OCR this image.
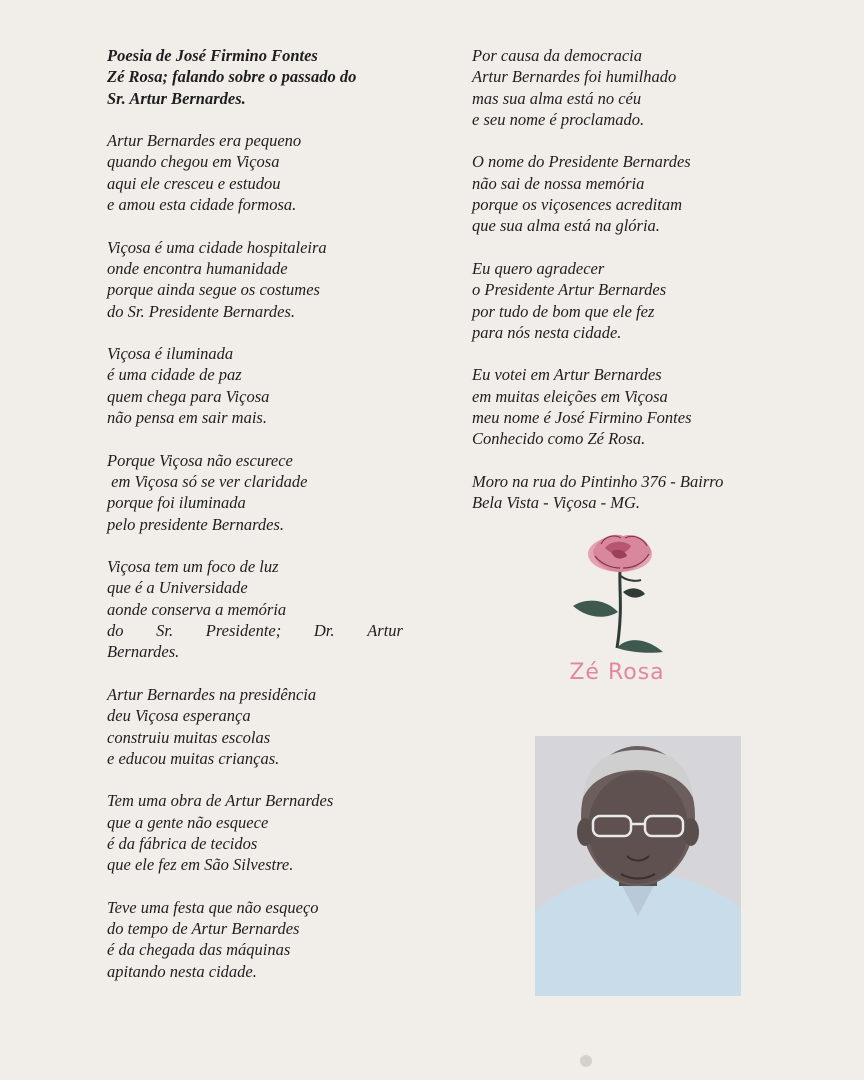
Poesia de José Firmino Fontes
Zé Rosa; falando sobre o passado do
Sr. Artur Bernardes.
Artur Bernardes era pequeno
quando chegou em Viçosa
aqui ele cresceu e estudou
e amou esta cidade formosa.
Viçosa é uma cidade hospitaleira
onde encontra humanidade
porque ainda segue os costumes
do Sr. Presidente Bernardes.
Viçosa é iluminada
é uma cidade de paz
quem chega para Viçosa
não pensa em sair mais.
Porque Viçosa não escurece
em Viçosa só se ver claridade
porque foi iluminada
pelo presidente Bernardes.
Viçosa tem um foco de luz
que é a Universidade
aonde conserva a memória
do Sr. Presidente; Dr. Artur
Bernardes.
Artur Bernardes na presidência
deu Viçosa esperança
construiu muitas escolas
e educou muitas crianças.
Tem uma obra de Artur Bernardes
que a gente não esquece
é da fábrica de tecidos
que ele fez em São Silvestre.
Teve uma festa que não esqueço
do tempo de Artur Bernardes
é da chegada das máquinas
apitando nesta cidade.
Por causa da democracia
Artur Bernardes foi humilhado
mas sua alma está no céu
e seu nome é proclamado.
O nome do Presidente Bernardes
não sai de nossa memória
porque os viçosences acreditam
que sua alma está na glória.
Eu quero agradecer
o Presidente Artur Bernardes
por tudo de bom que ele fez
para nós nesta cidade.
Eu votei em Artur Bernardes
em muitas eleições em Viçosa
meu nome é José Firmino Fontes
Conhecido como Zé Rosa.
Moro na rua do Pintinho 376 - Bairro
Bela Vista - Viçosa - MG.
Zé Rosa
